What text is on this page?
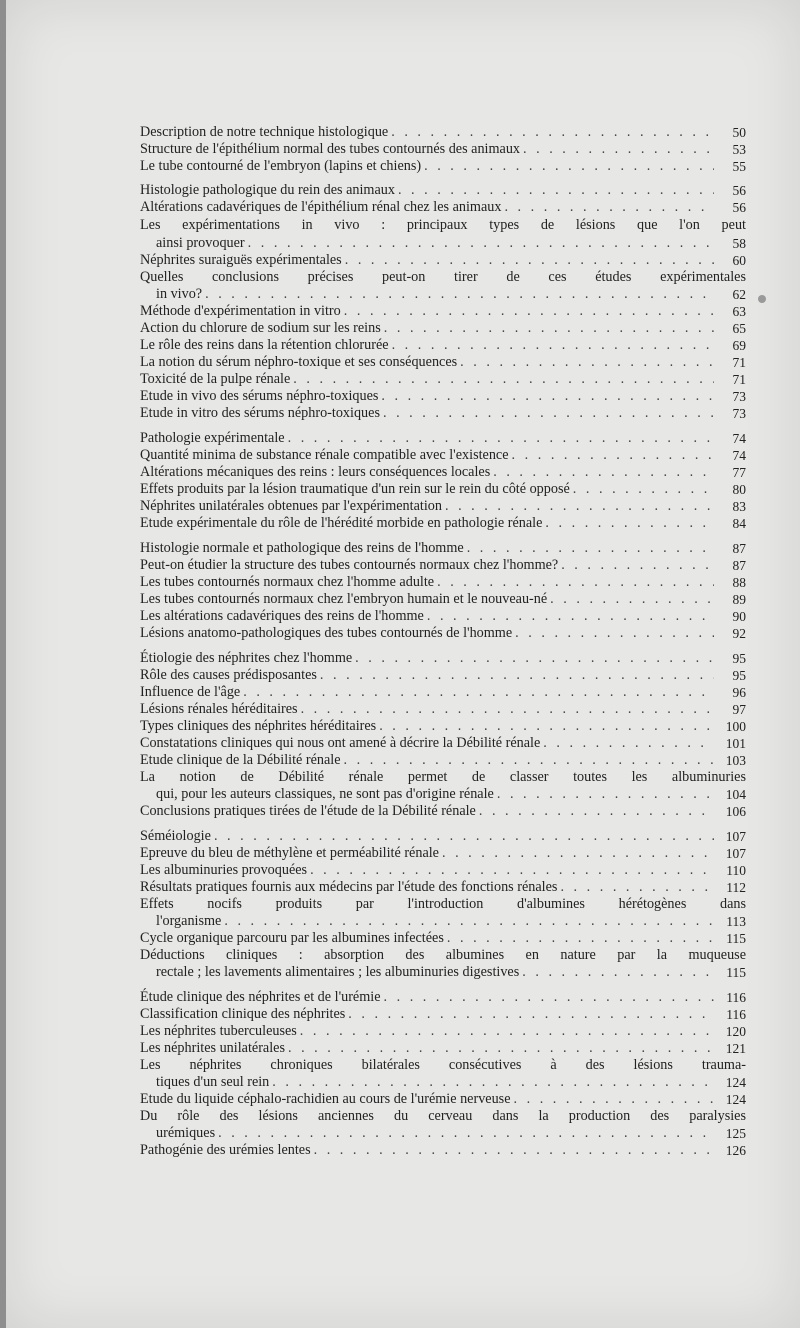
Description de notre technique histologique . . .	50
Structure de l'épithélium normal des tubes contournés des animaux . . .	53
Le tube contourné de l'embryon (lapins et chiens) . . .	55
Histologie pathologique du rein des animaux . . .	56
Altérations cadavériques de l'épithélium rénal chez les animaux . . .	56
Les expérimentations in vivo : principaux types de lésions que l'on peut
ainsi provoquer . . .	58
Néphrites suraiguës expérimentales . . .	60
Quelles conclusions précises peut-on tirer de ces études expérimentales
in vivo? . . .	62
Méthode d'expérimentation in vitro . . .	63
Action du chlorure de sodium sur les reins . . .	65
Le rôle des reins dans la rétention chlorurée . . .	69
La notion du sérum néphro-toxique et ses conséquences . . .	71
Toxicité de la pulpe rénale . . .	71
Etude in vivo des sérums néphro-toxiques . . .	73
Etude in vitro des sérums néphro-toxiques . . .	73
Pathologie expérimentale . . .	74
Quantité minima de substance rénale compatible avec l'existence . . .	74
Altérations mécaniques des reins : leurs conséquences locales . . .	77
Effets produits par la lésion traumatique d'un rein sur le rein du côté opposé . . .	80
Néphrites unilatérales obtenues par l'expérimentation . . .	83
Etude expérimentale du rôle de l'hérédité morbide en pathologie rénale . . .	84
Histologie normale et pathologique des reins de l'homme . . .	87
Peut-on étudier la structure des tubes contournés normaux chez l'homme? . . .	87
Les tubes contournés normaux chez l'homme adulte . . .	88
Les tubes contournés normaux chez l'embryon humain et le nouveau-né . . .	89
Les altérations cadavériques des reins de l'homme . . .	90
Lésions anatomo-pathologiques des tubes contournés de l'homme . . .	92
Étiologie des néphrites chez l'homme . . .	95
Rôle des causes prédisposantes . . .	95
Influence de l'âge . . .	96
Lésions rénales héréditaires . . .	97
Types cliniques des néphrites héréditaires . . .	100
Constatations cliniques qui nous ont amené à décrire la Débilité rénale . . .	101
Etude clinique de la Débilité rénale . . .	103
La notion de Débilité rénale permet de classer toutes les albuminuries
qui, pour les auteurs classiques, ne sont pas d'origine rénale . . .	104
Conclusions pratiques tirées de l'étude de la Débilité rénale . . .	106
Séméiologie . . .	107
Epreuve du bleu de méthylène et perméabilité rénale . . .	107
Les albuminuries provoquées . . .	110
Résultats pratiques fournis aux médecins par l'étude des fonctions rénales . . .	112
Effets nocifs produits par l'introduction d'albumines hérétogènes dans
l'organisme . . .	113
Cycle organique parcouru par les albumines infectées . . .	115
Déductions cliniques : absorption des albumines en nature par la muqueuse
rectale ; les lavements alimentaires ; les albuminuries digestives . . .	115
Étude clinique des néphrites et de l'urémie . . .	116
Classification clinique des néphrites . . .	116
Les néphrites tuberculeuses . . .	120
Les néphrites unilatérales . . .	121
Les néphrites chroniques bilatérales consécutives à des lésions trauma-
tiques d'un seul rein . . .	124
Etude du liquide céphalo-rachidien au cours de l'urémie nerveuse . . .	124
Du rôle des lésions anciennes du cerveau dans la production des paralysies
urémiques . . .	125
Pathogénie des urémies lentes . . .	126
